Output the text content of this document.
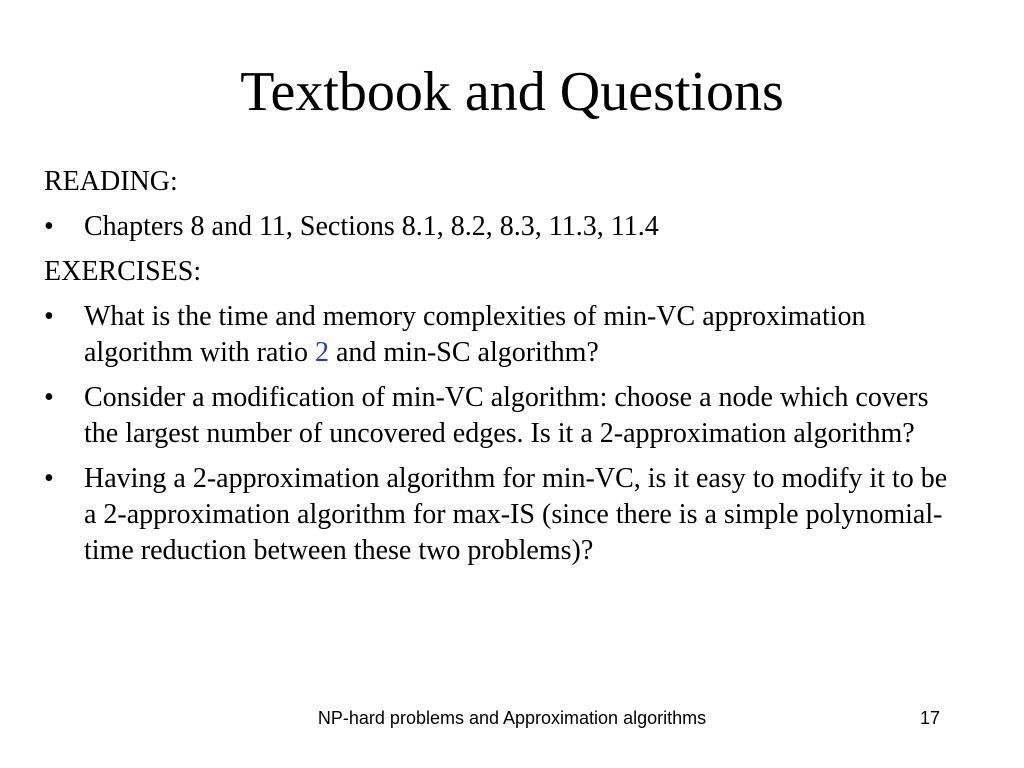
Textbook and Questions

READING:

• Chapters 8 and 11, Sections 8.1, 8.2, 8.3, 11.3, 11.4

EXERCISES:

• What is the time and memory complexities of min-VC approximation algorithm with ratio 2 and min-SC algorithm?
• Consider a modification of min-VC algorithm: choose a node which covers the largest number of uncovered edges. Is it a 2-approximation algorithm?
• Having a 2-approximation algorithm for min-VC, is it easy to modify it to be a 2-approximation algorithm for max-IS (since there is a simple polynomial-time reduction between these two problems)?
NP-hard problems and Approximation algorithms	17
